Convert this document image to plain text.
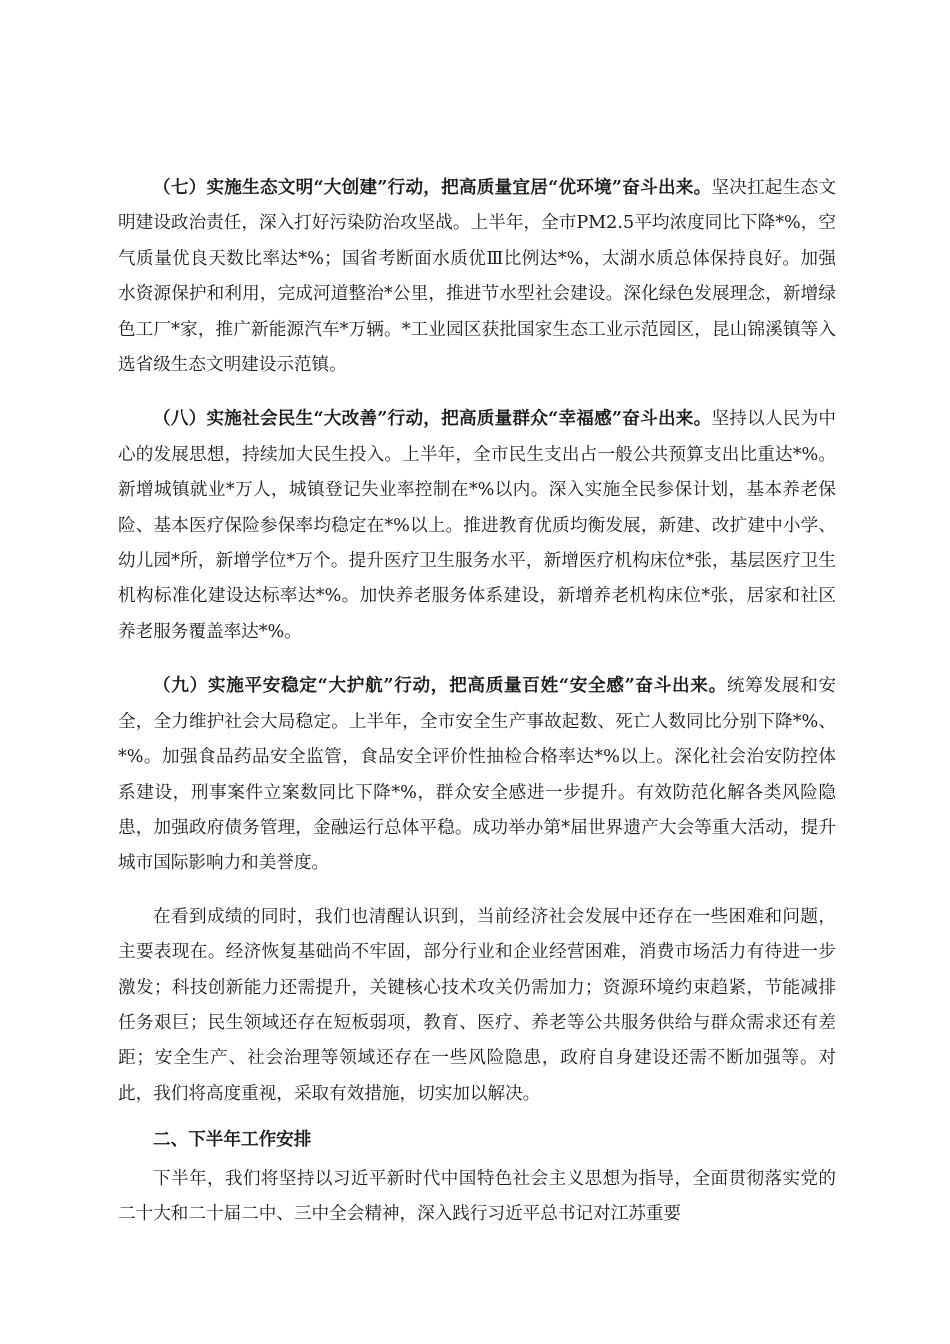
（七）实施生态文明“大创建”行动，把高质量宜居“优环境”奋斗出来。坚决扛起生态文明建设政治责任，深入打好污染防治攻坚战。上半年，全市PM2.5平均浓度同比下降*%，空气质量优良天数比率达*%；国省考断面水质优Ⅲ比例达*%，太湖水质总体保持良好。加强水资源保护和利用，完成河道整治*公里，推进节水型社会建设。深化绿色发展理念，新增绿色工厂*家，推广新能源汽车*万辆。*工业园区获批国家生态工业示范园区，昆山锦溪镇等入选省级生态文明建设示范镇。

（八）实施社会民生“大改善”行动，把高质量群众“幸福感”奋斗出来。坚持以人民为中心的发展思想，持续加大民生投入。上半年，全市民生支出占一般公共预算支出比重达*%。新增城镇就业*万人，城镇登记失业率控制在*%以内。深入实施全民参保计划，基本养老保险、基本医疗保险参保率均稳定在*%以上。推进教育优质均衡发展，新建、改扩建中小学、幼儿园*所，新增学位*万个。提升医疗卫生服务水平，新增医疗机构床位*张，基层医疗卫生机构标准化建设达标率达*%。加快养老服务体系建设，新增养老机构床位*张，居家和社区养老服务覆盖率达*%。

（九）实施平安稳定“大护航”行动，把高质量百姓“安全感”奋斗出来。统筹发展和安全，全力维护社会大局稳定。上半年，全市安全生产事故起数、死亡人数同比分别下降*%、*%。加强食品药品安全监管，食品安全评价性抽检合格率达*%以上。深化社会治安防控体系建设，刑事案件立案数同比下降*%，群众安全感进一步提升。有效防范化解各类风险隐患，加强政府债务管理，金融运行总体平稳。成功举办第*届世界遗产大会等重大活动，提升城市国际影响力和美誉度。

在看到成绩的同时，我们也清醒认识到，当前经济社会发展中还存在一些困难和问题，主要表现在。经济恢复基础尚不牢固，部分行业和企业经营困难，消费市场活力有待进一步激发；科技创新能力还需提升，关键核心技术攻关仍需加力；资源环境约束趋紧，节能减排任务艰巨；民生领域还存在短板弱项，教育、医疗、养老等公共服务供给与群众需求还有差距；安全生产、社会治理等领域还存在一些风险隐患，政府自身建设还需不断加强等。对此，我们将高度重视，采取有效措施，切实加以解决。

二、下半年工作安排

下半年，我们将坚持以习近平新时代中国特色社会主义思想为指导，全面贯彻落实党的二十大和二十届二中、三中全会精神，深入践行习近平总书记对江苏重要
